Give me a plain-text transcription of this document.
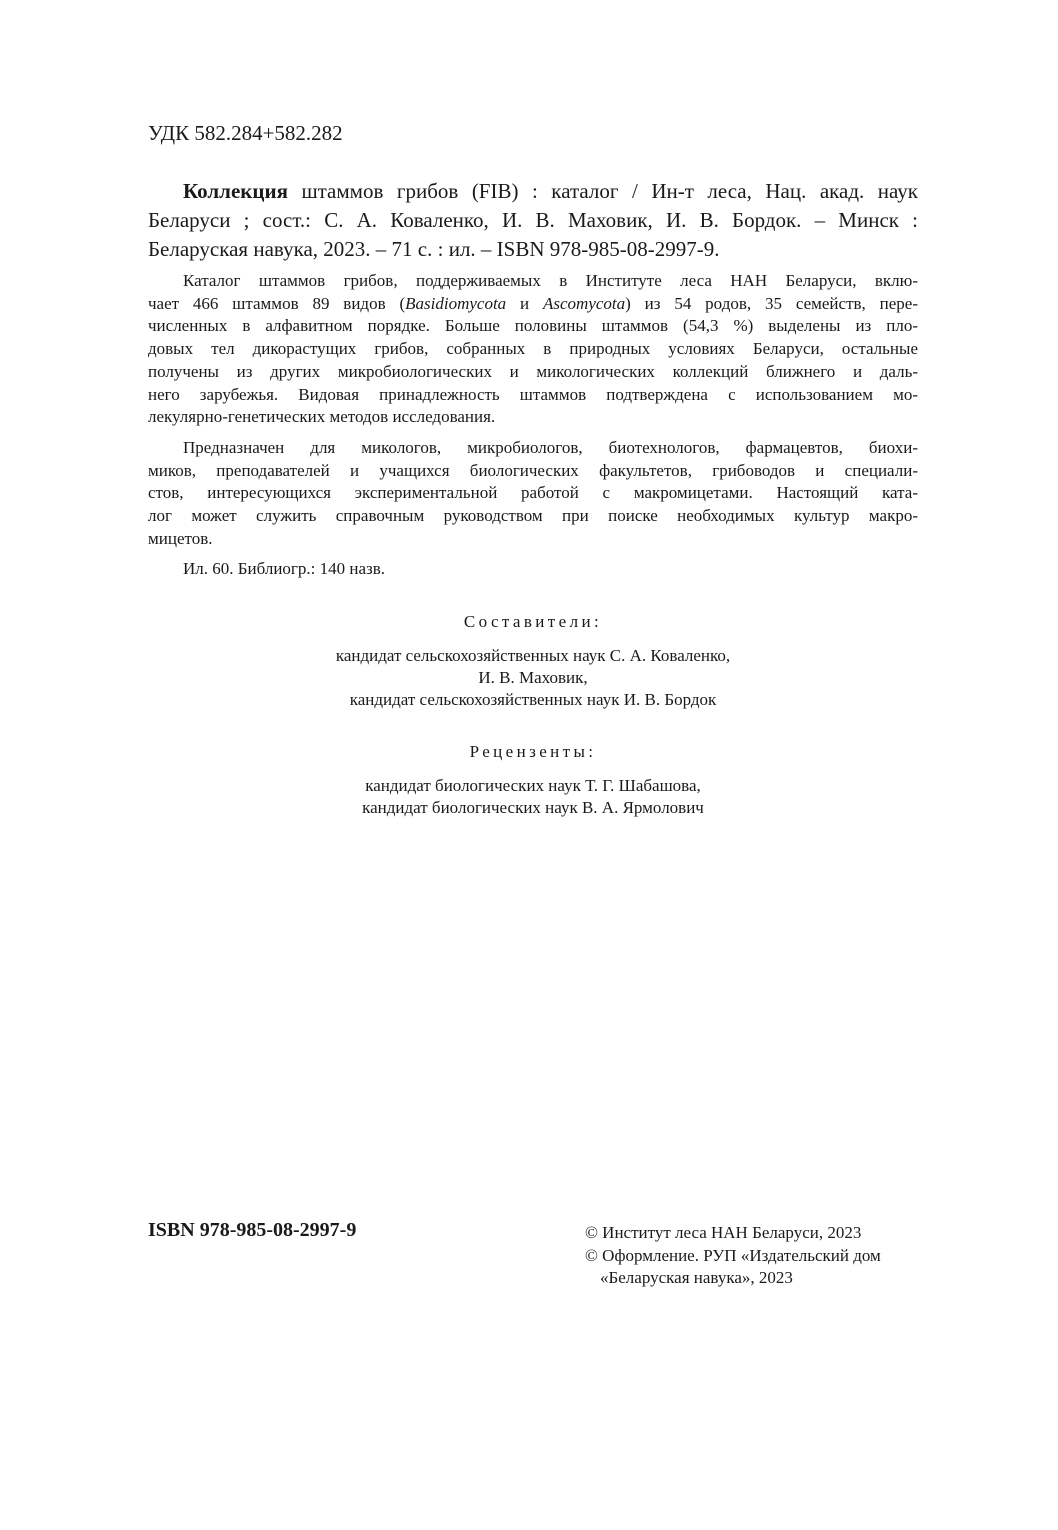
УДК 582.284+582.282
Коллекция штаммов грибов (FIB) : каталог / Ин-т леса, Нац. акад. наук
Беларуси ; сост.: С. А. Коваленко, И. В. Маховик, И. В. Бордок. – Минск :
Беларуская навука, 2023. – 71 с. : ил. – ISBN 978-985-08-2997-9.
Каталог штаммов грибов, поддерживаемых в Институте леса НАН Беларуси, вклю-
чает 466 штаммов 89 видов (Basidiomycota и Ascomycota) из 54 родов, 35 семейств, пере-
численных в алфавитном порядке. Больше половины штаммов (54,3 %) выделены из пло-
довых тел дикорастущих грибов, собранных в природных условиях Беларуси, остальные
получены из других микробиологических и микологических коллекций ближнего и даль-
него зарубежья. Видовая принадлежность штаммов подтверждена с использованием мо-
лекулярно-генетических методов исследования.
Предназначен для микологов, микробиологов, биотехнологов, фармацевтов, биохи-
миков, преподавателей и учащихся биологических факультетов, грибоводов и специали-
стов, интересующихся экспериментальной работой с макромицетами. Настоящий ката-
лог может служить справочным руководством при поиске необходимых культур макро-
мицетов.
Ил. 60. Библиогр.: 140 назв.
Составители:
кандидат сельскохозяйственных наук С. А. Коваленко,
И. В. Маховик,
кандидат сельскохозяйственных наук И. В. Бордок
Рецензенты:
кандидат биологических наук Т. Г. Шабашова,
кандидат биологических наук В. А. Ярмолович
ISBN 978-985-08-2997-9	© Институт леса НАН Беларуси, 2023
© Оформление. РУП «Издательский дом
«Беларуская навука», 2023
